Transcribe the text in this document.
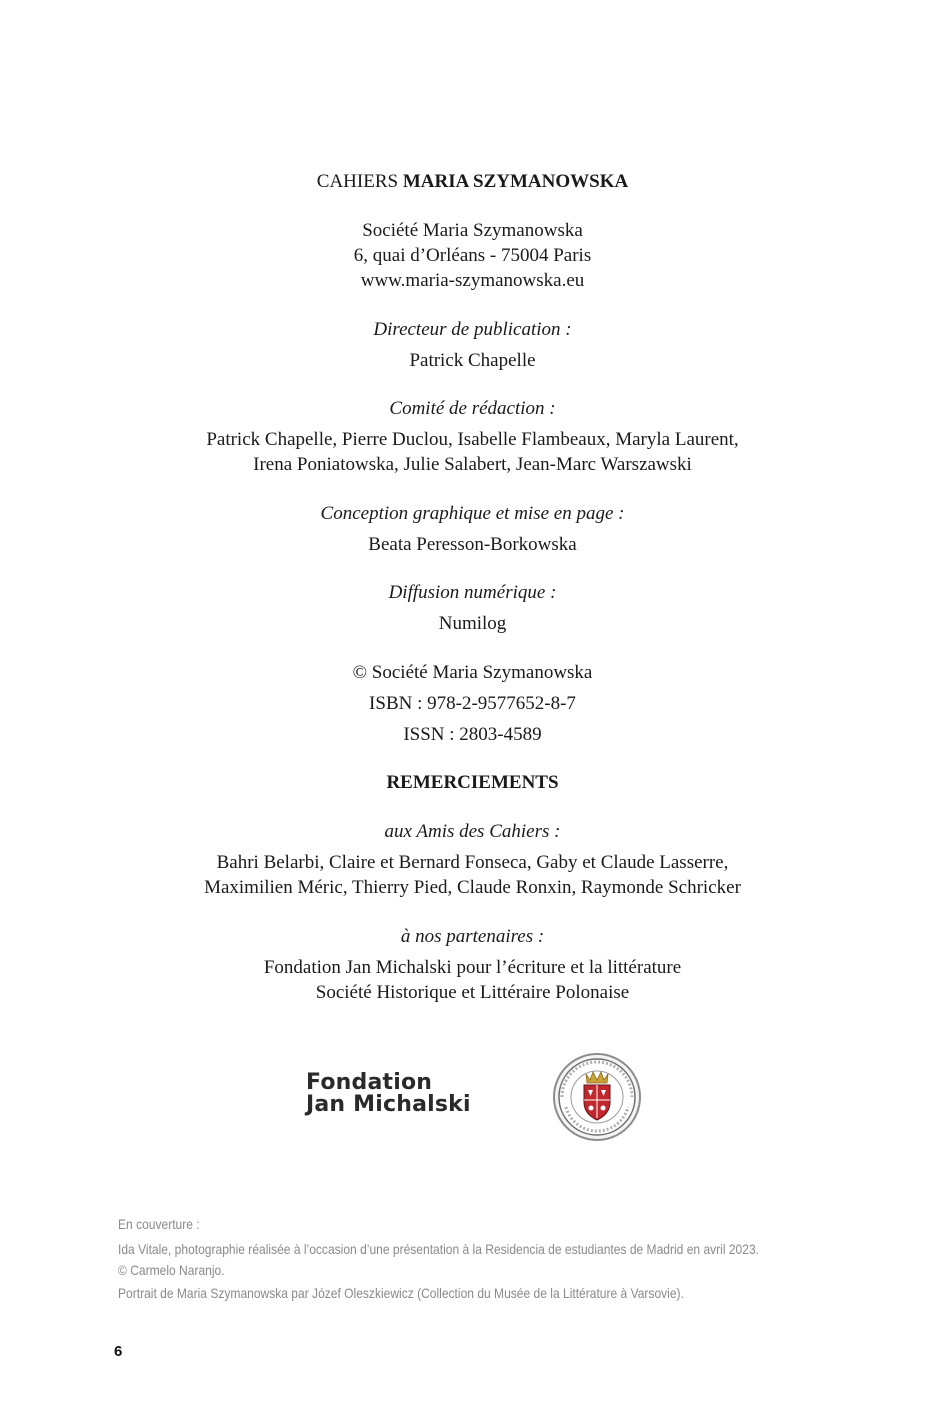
CAHIERS MARIA SZYMANOWSKA
Société Maria Szymanowska
6, quai d’Orléans - 75004 Paris
www.maria-szymanowska.eu
Directeur de publication :
Patrick Chapelle
Comité de rédaction :
Patrick Chapelle, Pierre Duclou, Isabelle Flambeaux, Maryla Laurent,
Irena Poniatowska, Julie Salabert, Jean-Marc Warszawski
Conception graphique et mise en page :
Beata Peresson-Borkowska
Diffusion numérique :
Numilog
© Société Maria Szymanowska
ISBN : 978-2-9577652-8-7
ISSN : 2803-4589
REMERCIEMENTS
aux Amis des Cahiers :
Bahri Belarbi, Claire et Bernard Fonseca, Gaby et Claude Lasserre,
Maximilien Méric, Thierry Pied, Claude Ronxin, Raymonde Schricker
à nos partenaires :
Fondation Jan Michalski pour l’écriture et la littérature
Société Historique et Littéraire Polonaise
Fondation
Jan Michalski
En couverture :
Ida Vitale, photographie réalisée à l’occasion d’une présentation à la Residencia de estudiantes de Madrid en avril 2023.
© Carmelo Naranjo.
Portrait de Maria Szymanowska par Józef Oleszkiewicz (Collection du Musée de la Littérature à Varsovie).
6
